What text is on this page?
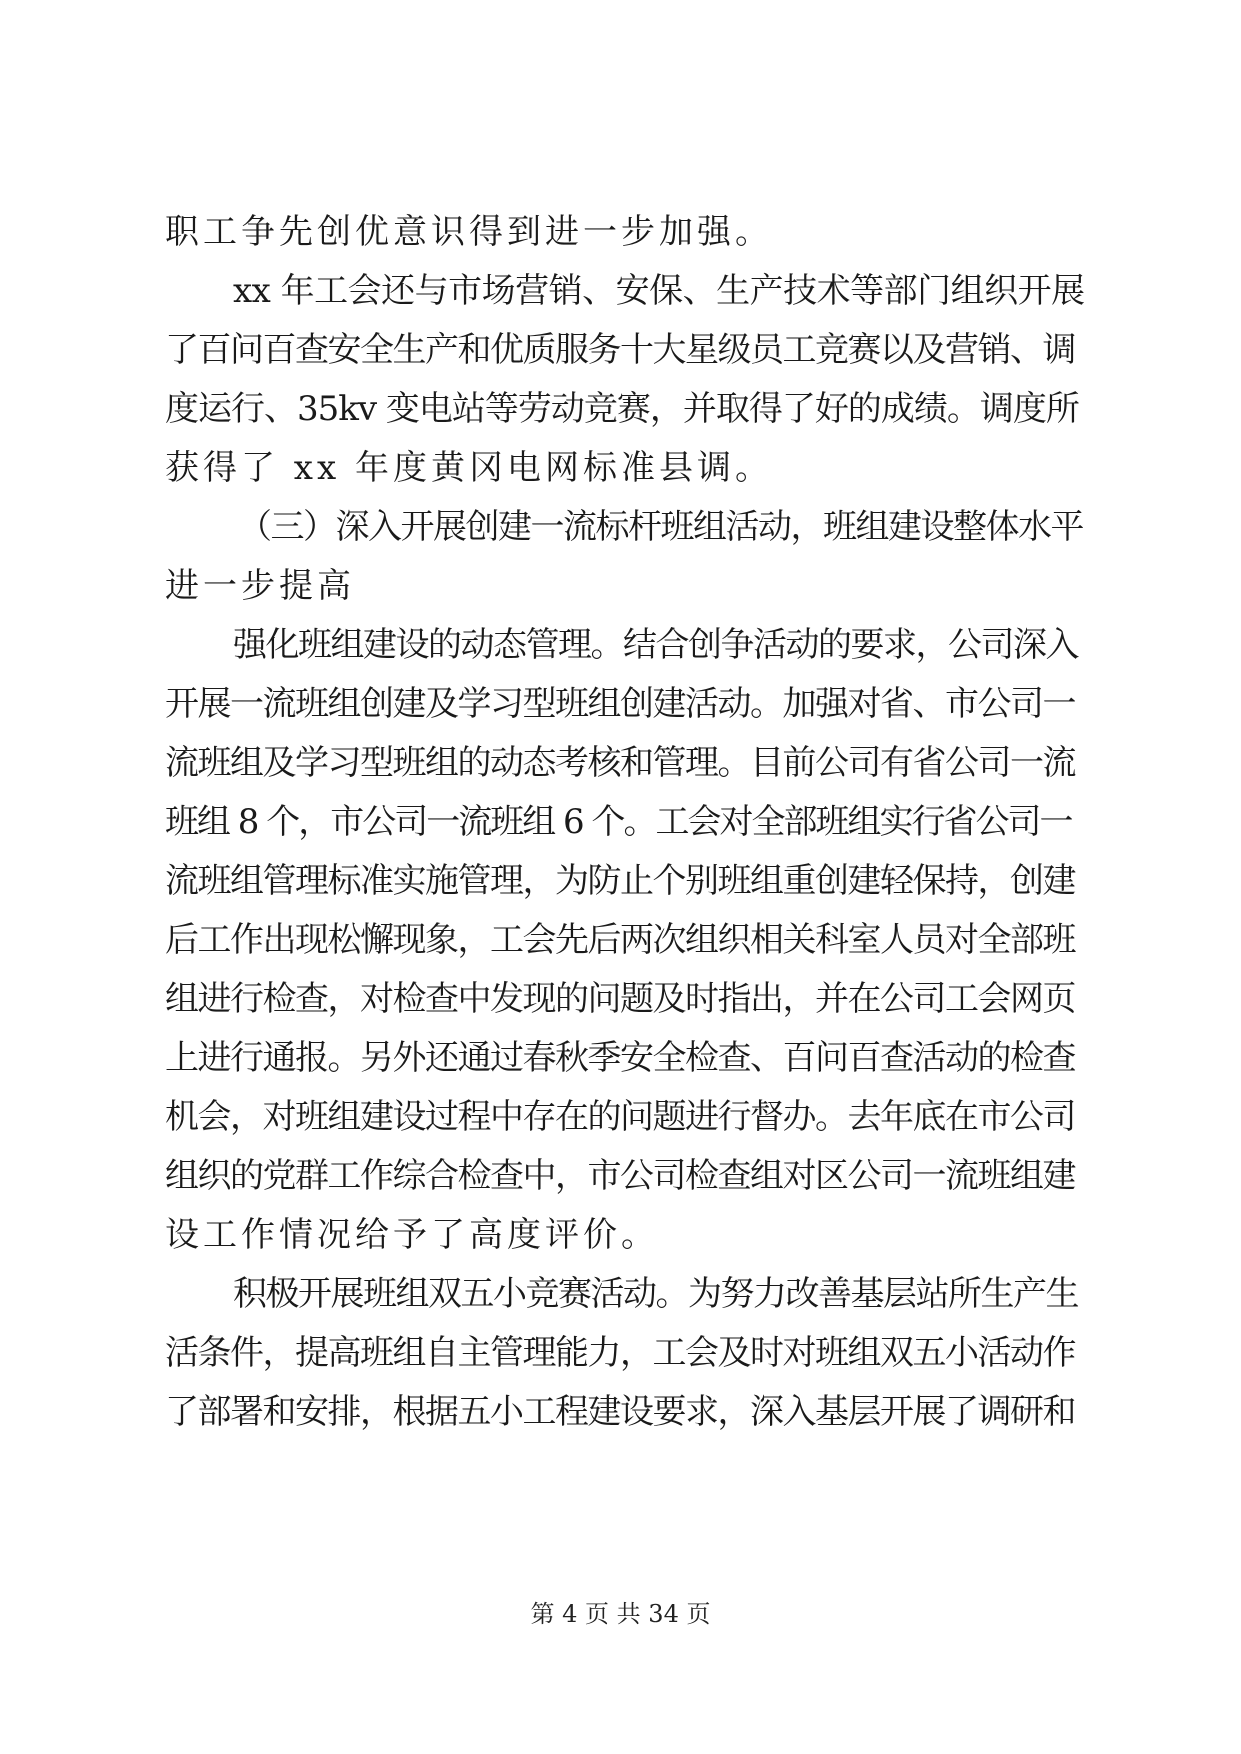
职工争先创优意识得到进一步加强。
xx 年工会还与市场营销、安保、生产技术等部门组织开展
了百问百查安全生产和优质服务十大星级员工竞赛以及营销、调
度运行、35kv 变电站等劳动竞赛，并取得了好的成绩。调度所
获得了 xx 年度黄冈电网标准县调。
（三）深入开展创建一流标杆班组活动，班组建设整体水平
进一步提高
强化班组建设的动态管理。结合创争活动的要求，公司深入
开展一流班组创建及学习型班组创建活动。加强对省、市公司一
流班组及学习型班组的动态考核和管理。目前公司有省公司一流
班组 8 个，市公司一流班组 6 个。工会对全部班组实行省公司一
流班组管理标准实施管理，为防止个别班组重创建轻保持，创建
后工作出现松懈现象，工会先后两次组织相关科室人员对全部班
组进行检查，对检查中发现的问题及时指出，并在公司工会网页
上进行通报。另外还通过春秋季安全检查、百问百查活动的检查
机会，对班组建设过程中存在的问题进行督办。去年底在市公司
组织的党群工作综合检查中，市公司检查组对区公司一流班组建
设工作情况给予了高度评价。
积极开展班组双五小竞赛活动。为努力改善基层站所生产生
活条件，提高班组自主管理能力，工会及时对班组双五小活动作
了部署和安排，根据五小工程建设要求，深入基层开展了调研和
第 4 页 共 34 页
